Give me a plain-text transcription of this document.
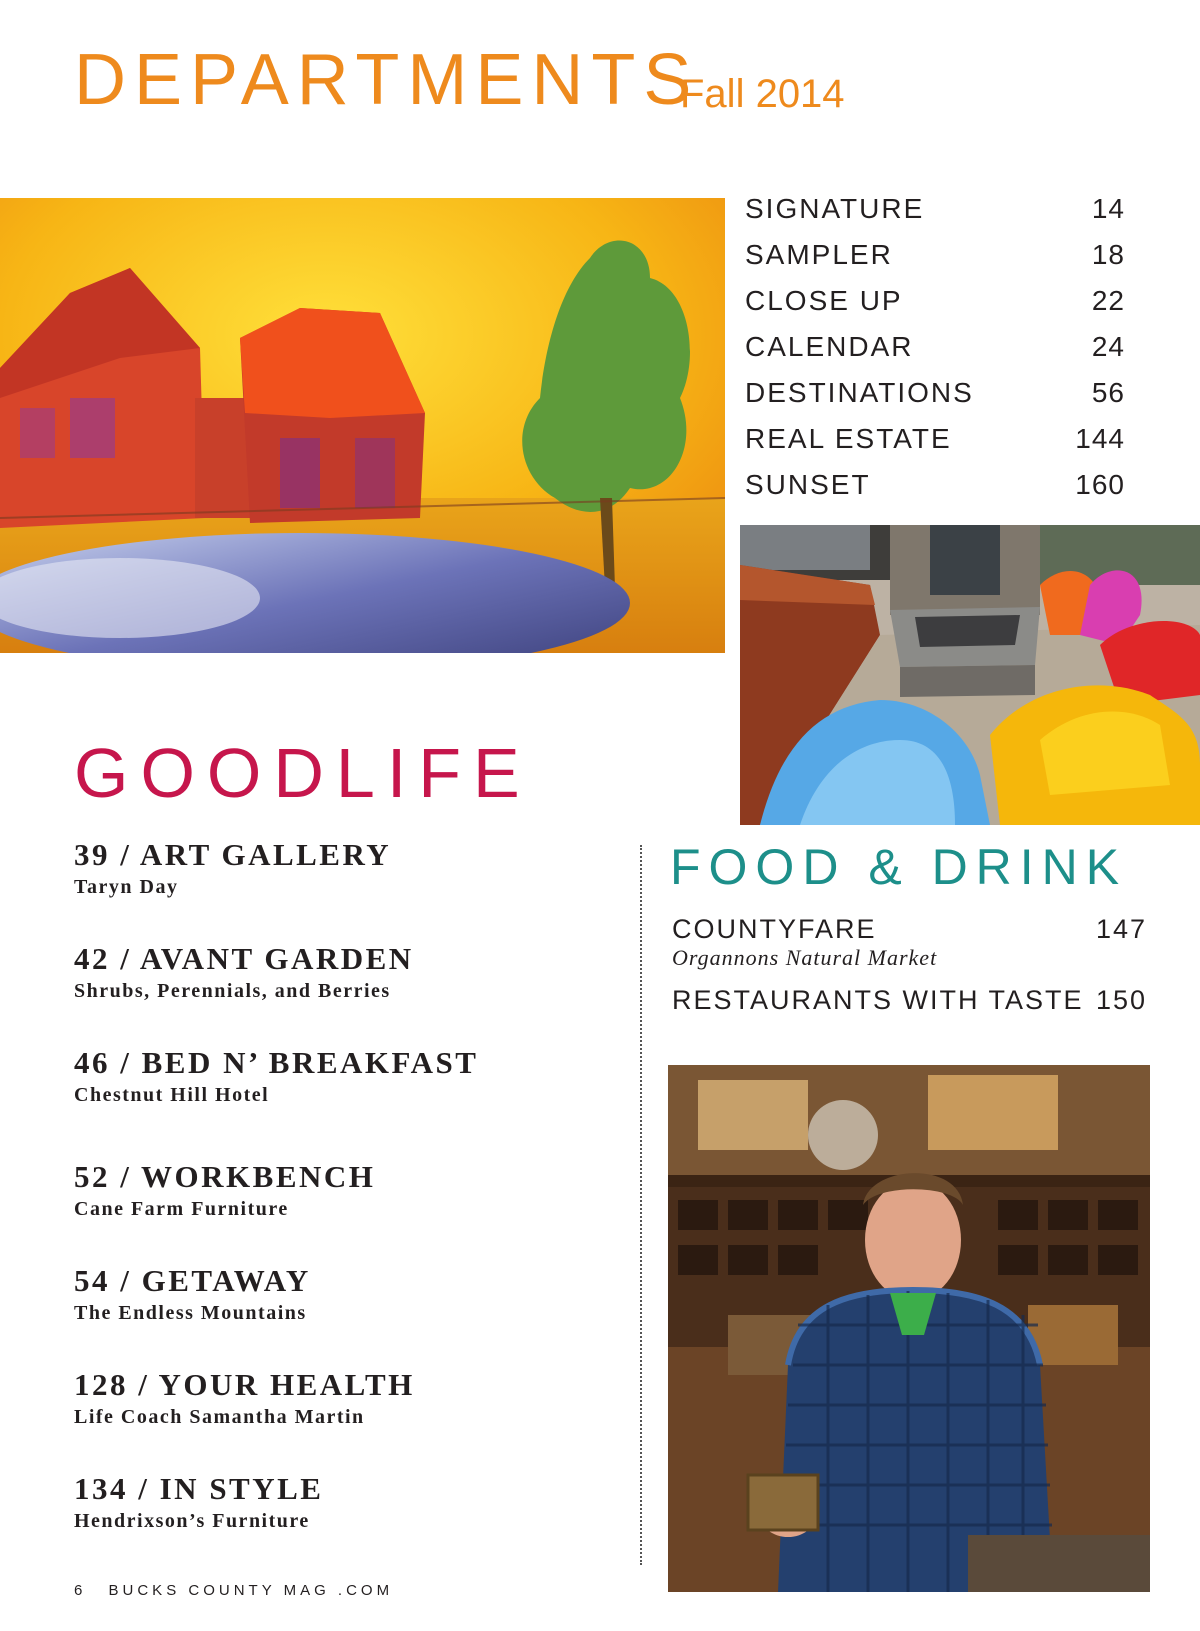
DEPARTMENTS
Fall 2014
SIGNATURE	14
SAMPLER	18
CLOSE UP	22
CALENDAR	24
DESTINATIONS	56
REAL ESTATE	144
SUNSET	160
GOODLIFE
39 / ART GALLERY
Taryn Day
42 / AVANT GARDEN
Shrubs, Perennials, and Berries
46 / BED N’ BREAKFAST
Chestnut Hill Hotel
52 / WORKBENCH
Cane Farm Furniture
54 / GETAWAY
The Endless Mountains
128 / YOUR HEALTH
Life Coach Samantha Martin
134 / IN STYLE
Hendrixson’s Furniture
FOOD & DRINK
COUNTYFARE	147
Organnons Natural Market
RESTAURANTS WITH TASTE 150
6 BUCKS COUNTY MAG .COM
